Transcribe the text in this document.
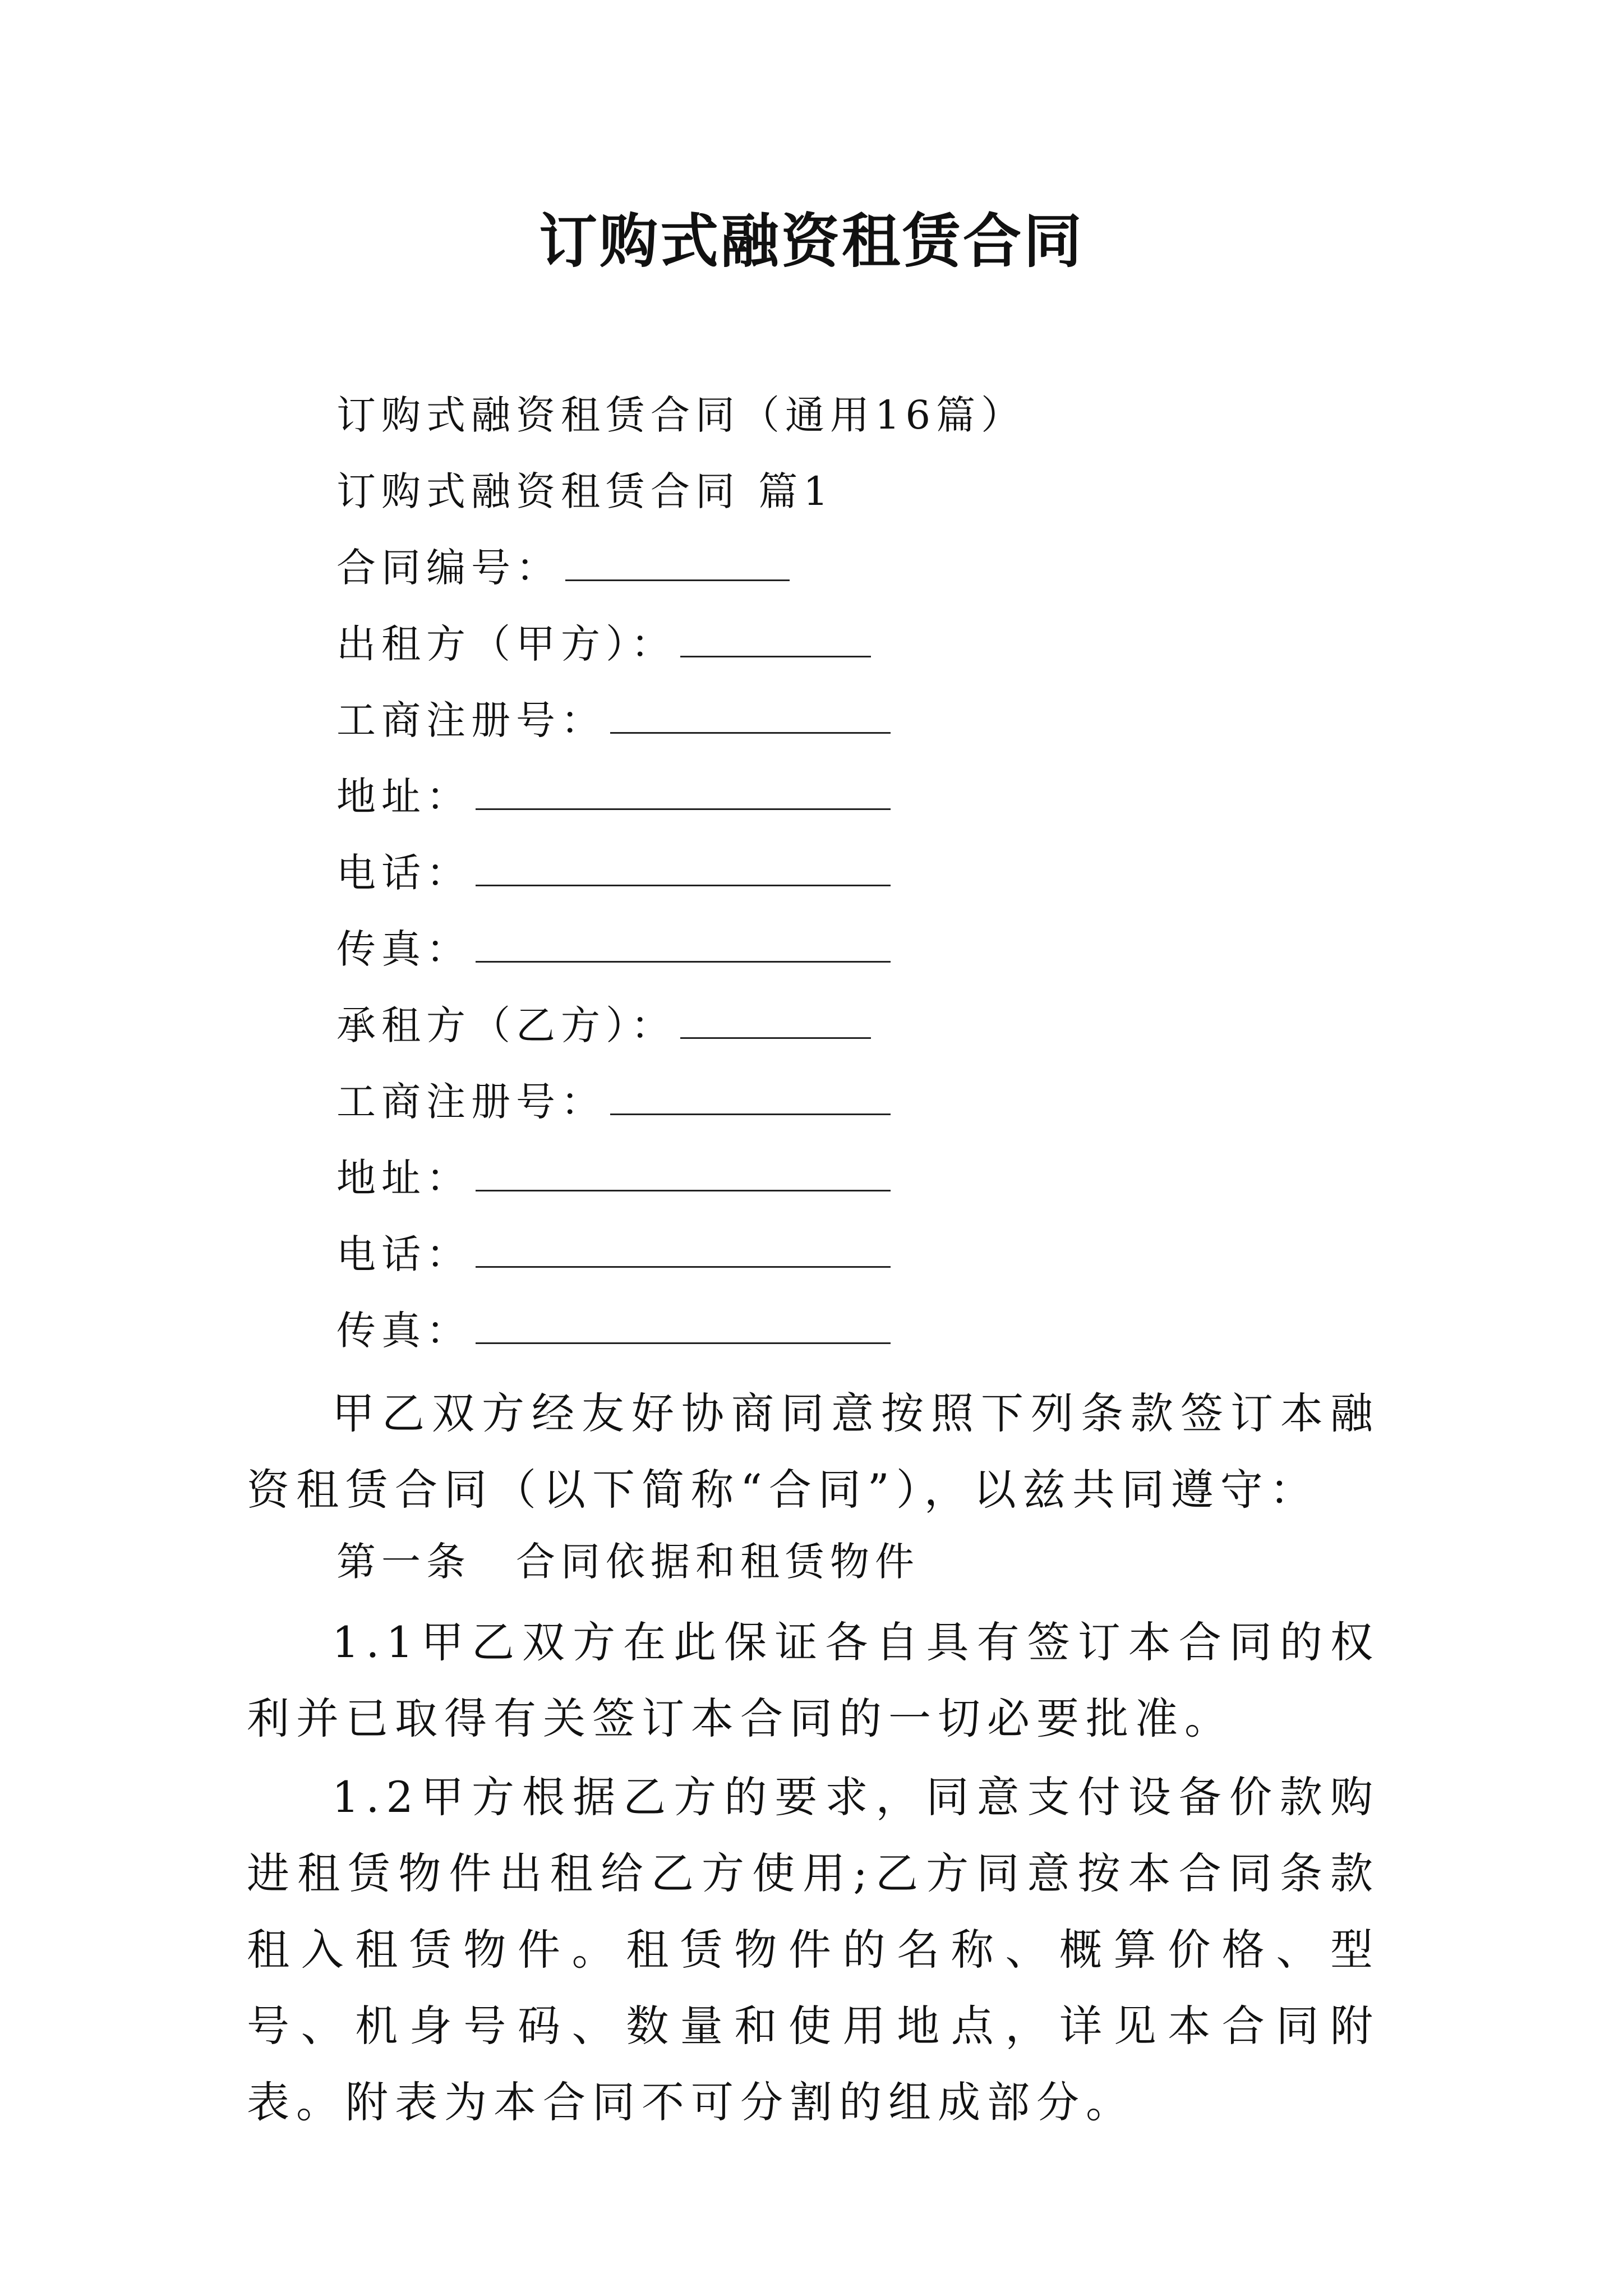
订购式融资租赁合同
订购式融资租赁合同（通用16篇）
订购式融资租赁合同 篇1
合同编号：
出租方（甲方）：
工商注册号：
地址：
电话：
传真：
承租方（乙方）：
工商注册号：
地址：
电话：
传真：
甲乙双方经友好协商同意按照下列条款签订本融资租赁合同（以下简称“合同”），以兹共同遵守：
第一条　合同依据和租赁物件
1.1甲乙双方在此保证各自具有签订本合同的权利并已取得有关签订本合同的一切必要批准。
1.2甲方根据乙方的要求，同意支付设备价款购进租赁物件出租给乙方使用;乙方同意按本合同条款租入租赁物件。租赁物件的名称、概算价格、型号、机身号码、数量和使用地点，详见本合同附表。附表为本合同不可分割的组成部分。
